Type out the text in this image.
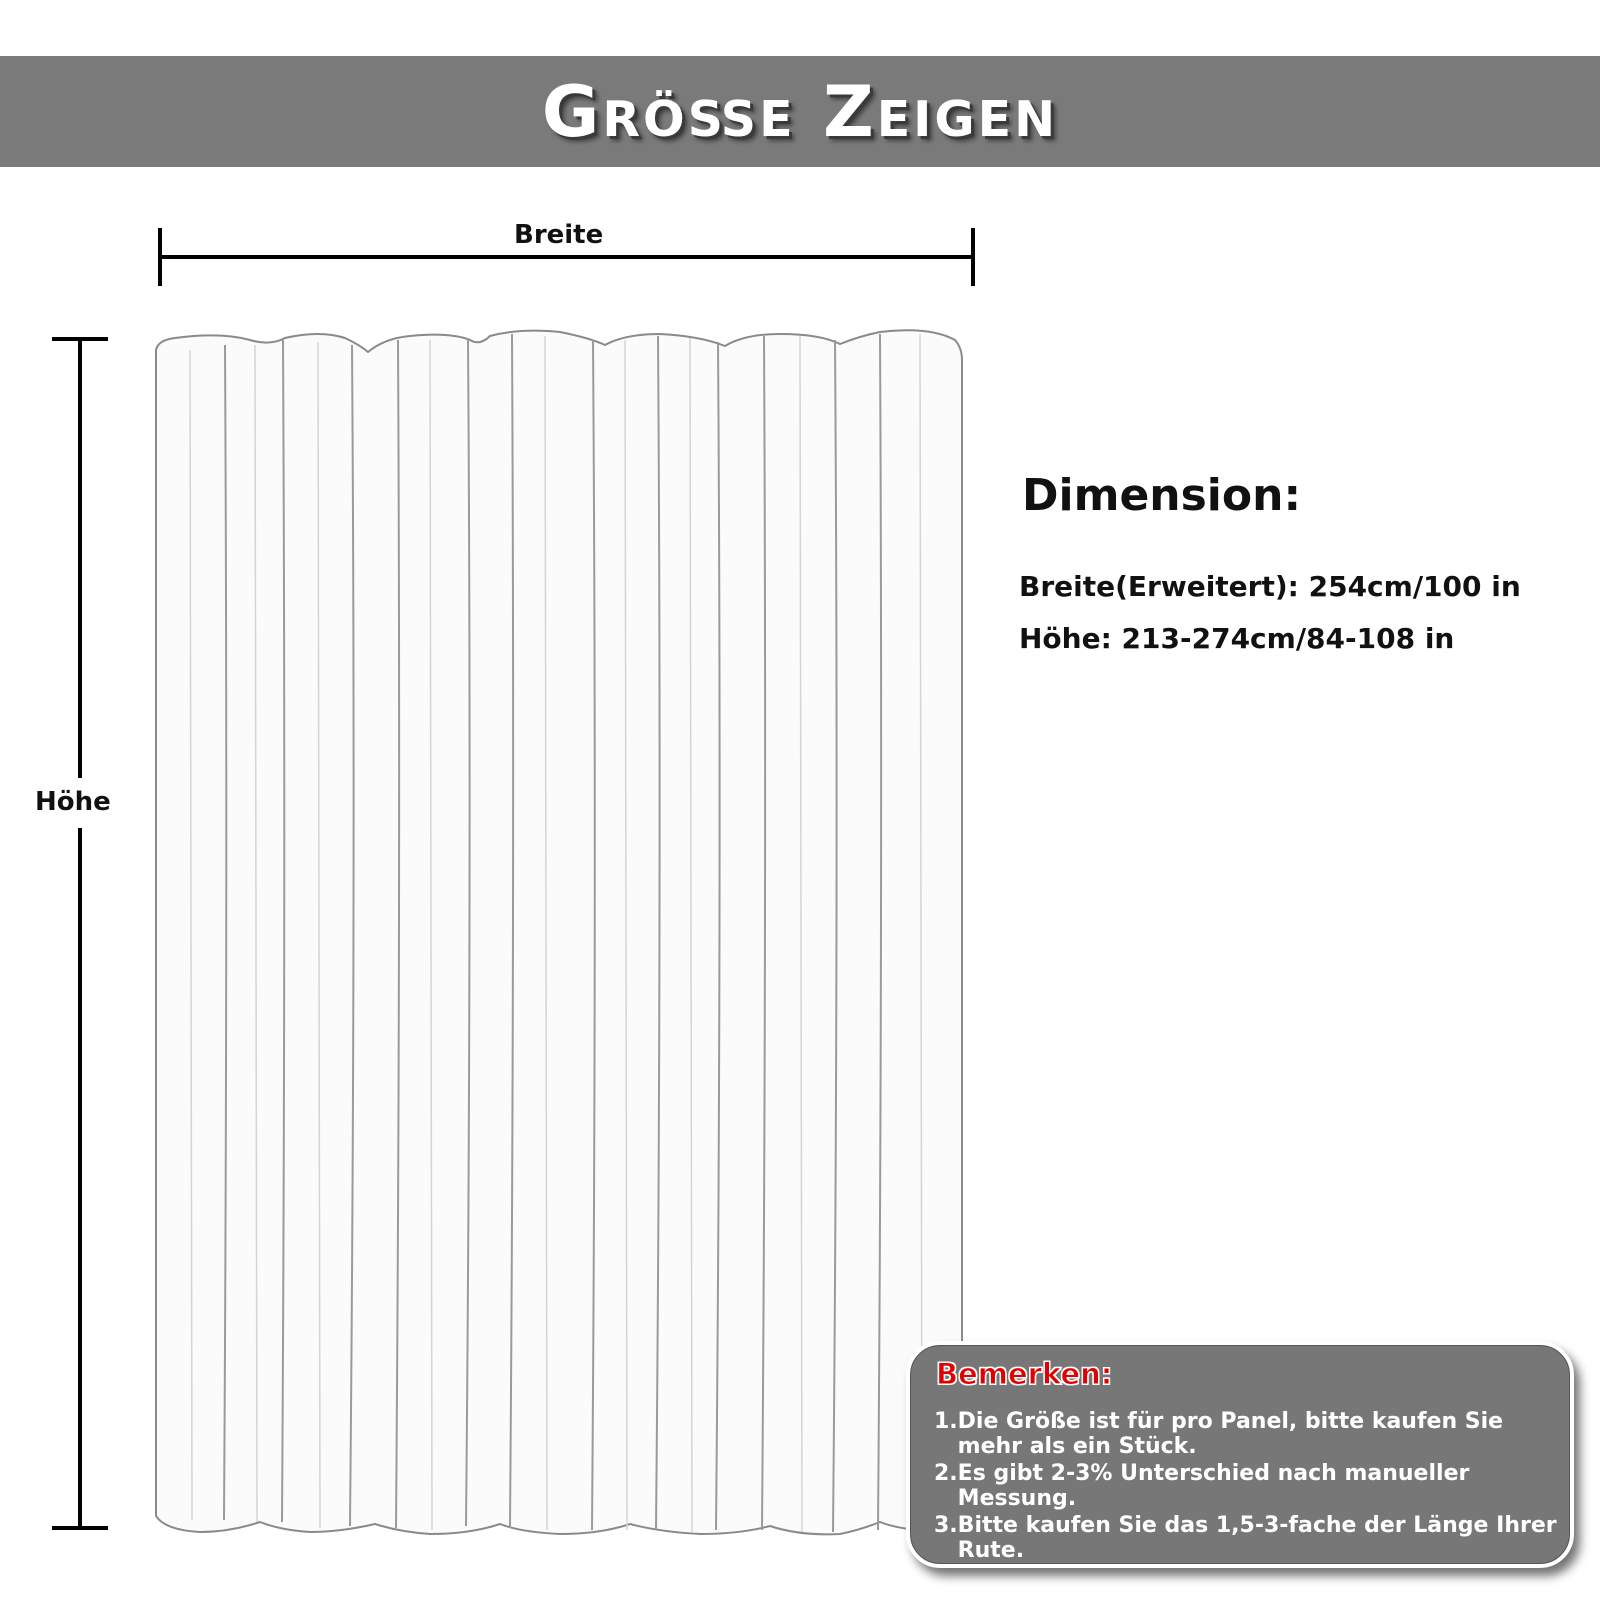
Größe Zeigen
Breite
Höhe
Dimension:
Breite(Erweitert): 254cm/100 in
Höhe: 213-274cm/84-108 in
Bemerken:
1. Die Größe ist für pro Panel, bitte kaufen Sie mehr als ein Stück.
2. Es gibt 2-3% Unterschied nach manueller Messung.
3. Bitte kaufen Sie das 1,5-3-fache der Länge Ihrer Rute.
